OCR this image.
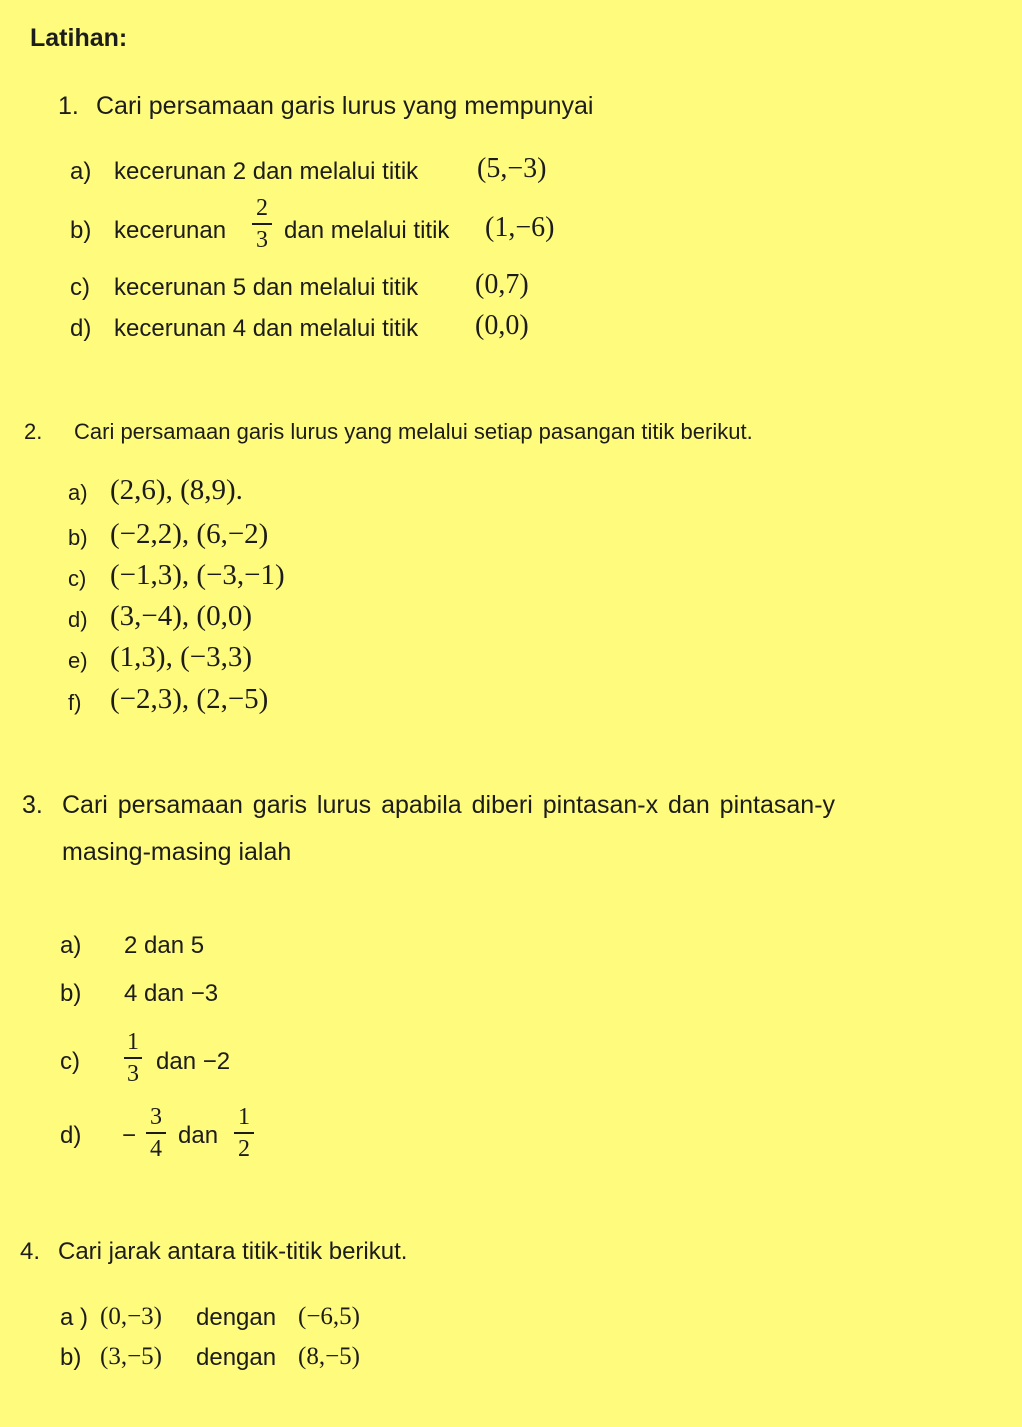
Latihan:
1. Cari persamaan garis lurus yang mempunyai
a) kecerunan 2 dan melalui titik (5,−3)
b) kecerunan
2
3 dan melalui titik (1,−6)
c) kecerunan 5 dan melalui titik (0,7)
d) kecerunan 4 dan melalui titik (0,0)
2. Cari persamaan garis lurus yang melalui setiap pasangan titik berikut.
a) (2,6), (8,9).
b) (−2,2), (6,−2)
c) (−1,3), (−3,−1)
d) (3,−4), (0,0)
e) (1,3), (−3,3)
f) (−2,3), (2,−5)
3. Cari persamaan garis lurus apabila diberi pintasan-x dan pintasan-y
masing-masing ialah
a) 2 dan 5
b) 4 dan −3
c)
1
3 dan −2
d) −
3
4 dan
1
2
4. Cari jarak antara titik-titik berikut.
a ) (0,−3) dengan (−6,5)
b) (3,−5) dengan (8,−5)
